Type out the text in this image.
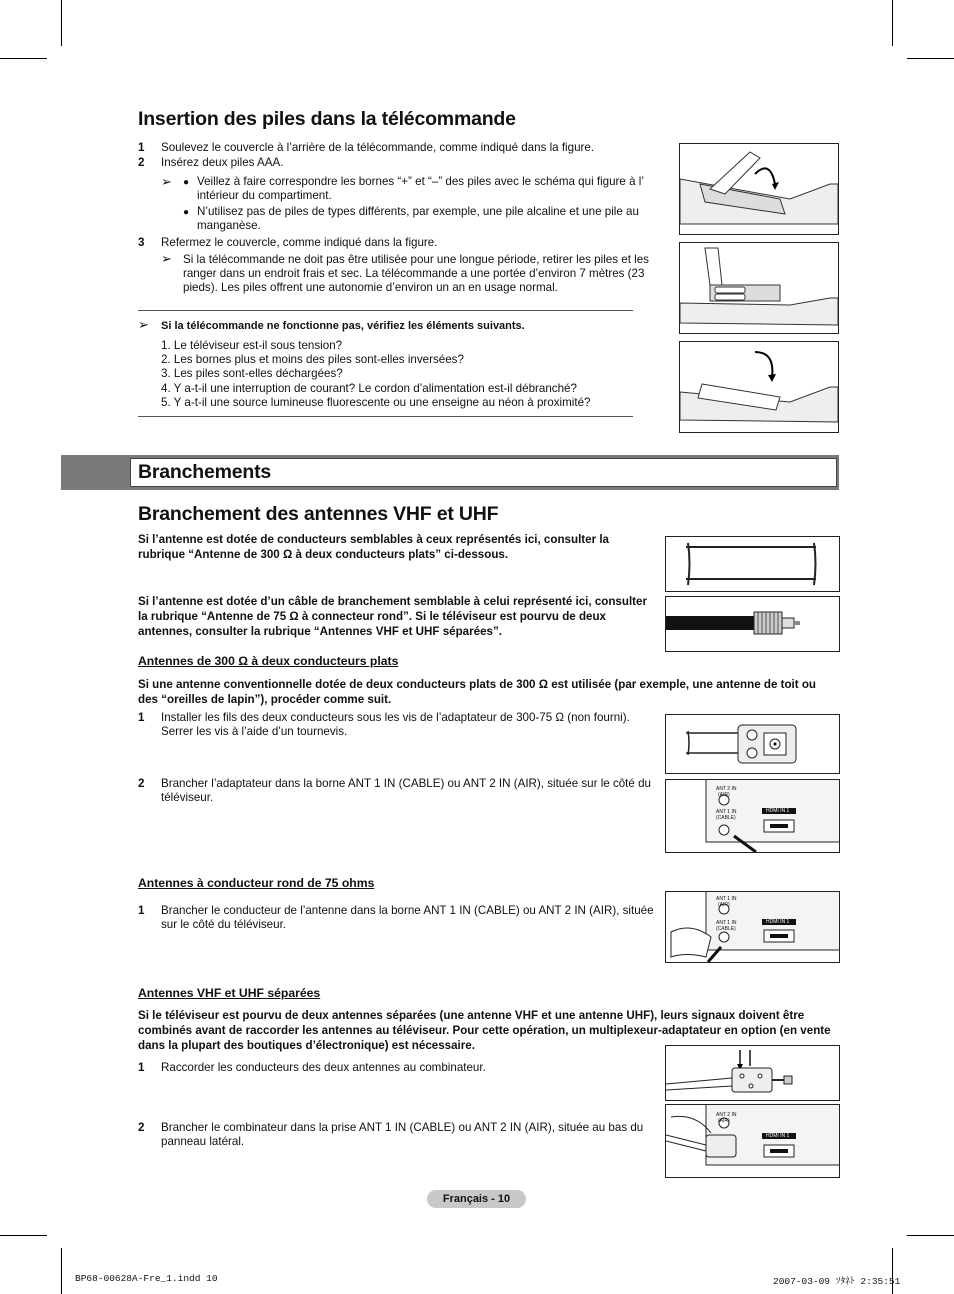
Insertion des piles dans la télécommande
1 Soulevez le couvercle à l’arrière de la télécommande, comme indiqué dans la figure.
2 Insérez deux piles AAA.
➢ ● Veillez à faire correspondre les bornes “+” et “–” des piles avec le schéma qui figure à l’
intérieur du compartiment.
● N’utilisez pas de piles de types différents, par exemple, une pile alcaline et une pile au
manganèse.
3 Refermez le couvercle, comme indiqué dans la figure.
➢ Si la télécommande ne doit pas être utilisée pour une longue période, retirer les piles et les
ranger dans un endroit frais et sec. La télécommande a une portée d’environ 7 mètres (23
pieds). Les piles offrent une autonomie d’environ un an en usage normal.
➢ Si la télécommande ne fonctionne pas, vérifiez les éléments suivants.
1. Le téléviseur est-il sous tension?
2. Les bornes plus et moins des piles sont-elles inversées?
3. Les piles sont-elles déchargées?
4. Y a-t-il une interruption de courant? Le cordon d’alimentation est-il débranché?
5. Y a-t-il une source lumineuse fluorescente ou une enseigne au néon à proximité?
Branchements
Branchement des antennes VHF et UHF
Si l’antenne est dotée de conducteurs semblables à ceux représentés ici, consulter la
rubrique “Antenne de 300 Ω à deux conducteurs plats” ci-dessous.
Si l’antenne est dotée d’un câble de branchement semblable à celui représenté ici, consulter
la rubrique “Antenne de 75 Ω à connecteur rond”. Si le téléviseur est pourvu de deux
antennes, consulter la rubrique “Antennes VHF et UHF séparées”.
Antennes de 300 Ω à deux conducteurs plats
Si une antenne conventionnelle dotée de deux conducteurs plats de 300 Ω est utilisée (par exemple, une antenne de toit ou
des “oreilles de lapin”), procéder comme suit.
1 Installer les fils des deux conducteurs sous les vis de l’adaptateur de 300-75 Ω (non fourni).
Serrer les vis à l’aide d’un tournevis.
2 Brancher l’adaptateur dans la borne ANT 1 IN (CABLE) ou ANT 2 IN (AIR), située sur le côté du
téléviseur.
ANT 2 IN
(AIR)
ANT 1 IN
(CABLE)
HDMI IN 1
Antennes à conducteur rond de 75 ohms
1 Brancher le conducteur de l’antenne dans la borne ANT 1 IN (CABLE) ou ANT 2 IN (AIR), située
sur le côté du téléviseur.
ANT 1 IN
(AIR)
ANT 1 IN
(CABLE)
HDMI IN 1
Antennes VHF et UHF séparées
Si le téléviseur est pourvu de deux antennes séparées (une antenne VHF et une antenne UHF), leurs signaux doivent être
combinés avant de raccorder les antennes au téléviseur. Pour cette opération, un multiplexeur-adaptateur en option (en vente
dans la plupart des boutiques d’électronique) est nécessaire.
1 Raccorder les conducteurs des deux antennes au combinateur.
2 Brancher le combinateur dans la prise ANT 1 IN (CABLE) ou ANT 2 IN (AIR), située au bas du
panneau latéral.
ANT 2 IN
(AIR)
HDMI IN 1
Français - 10
BP68-00628A-Fre_1.indd 10	2007-03-09 ｿﾀﾈﾄ 2:35:51
